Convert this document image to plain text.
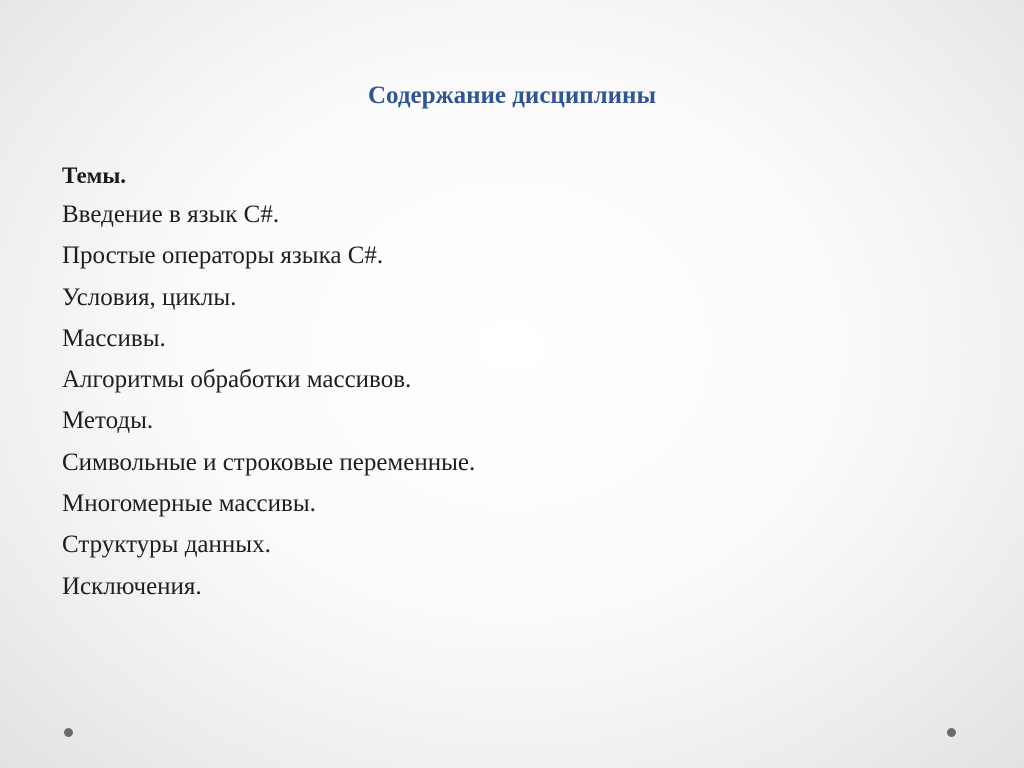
Содержание дисциплины
Темы.
Введение в язык C#.
Простые операторы языка C#.
Условия, циклы.
Массивы.
Алгоритмы обработки массивов.
Методы.
Символьные и строковые переменные.
Многомерные массивы.
Структуры данных.
Исключения.
